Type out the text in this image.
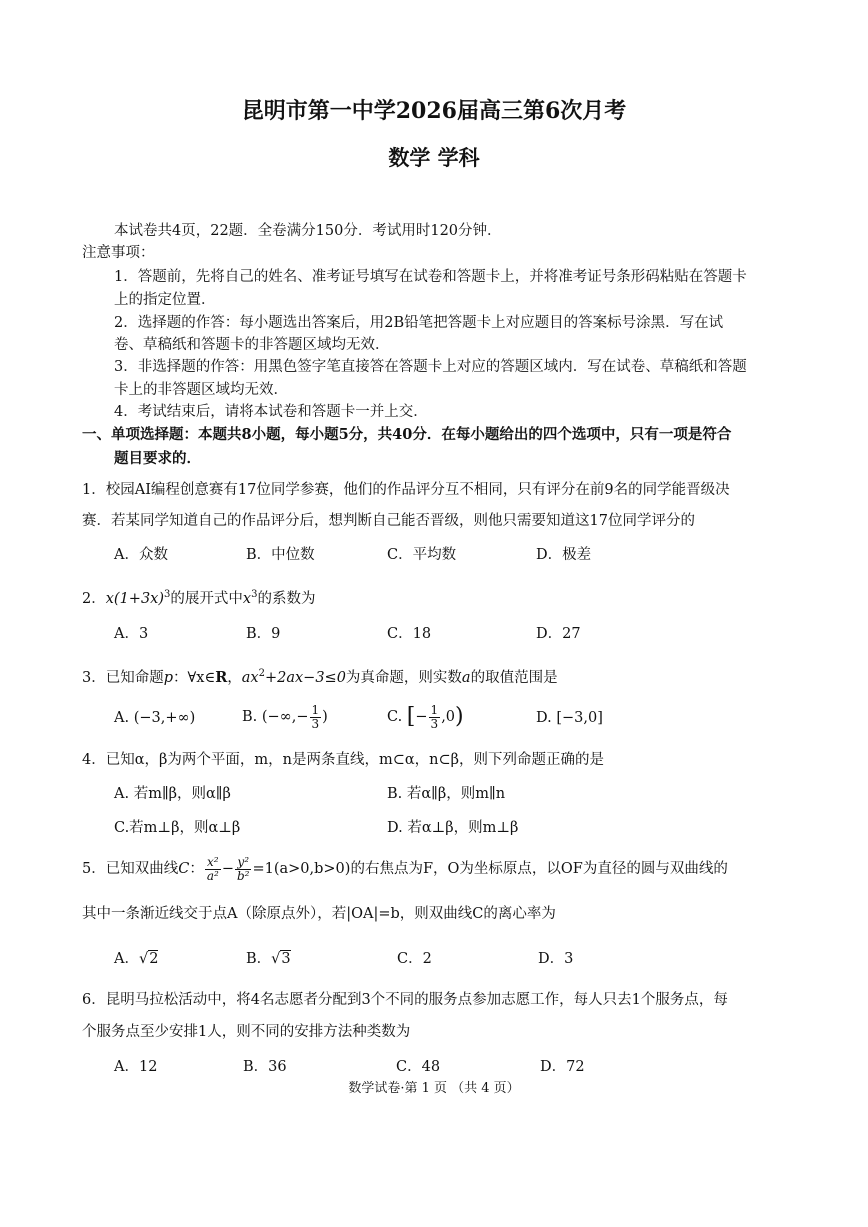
昆明市第一中学2026届高三第6次月考
数学 学科
本试卷共4页，22题．全卷满分150分．考试用时120分钟．
注意事项：
1．答题前，先将自己的姓名、准考证号填写在试卷和答题卡上，并将准考证号条形码粘贴在答题卡
上的指定位置．
2．选择题的作答：每小题选出答案后，用2B铅笔把答题卡上对应题目的答案标号涂黑．写在试
卷、草稿纸和答题卡的非答题区域均无效．
3．非选择题的作答：用黑色签字笔直接答在答题卡上对应的答题区域内．写在试卷、草稿纸和答题
卡上的非答题区域均无效．
4．考试结束后，请将本试卷和答题卡一并上交．
一、单项选择题：本题共8小题，每小题5分，共40分．在每小题给出的四个选项中，只有一项是符合
题目要求的．
1．校园AI编程创意赛有17位同学参赛，他们的作品评分互不相同，只有评分在前9名的同学能晋级决
赛．若某同学知道自己的作品评分后，想判断自己能否晋级，则他只需要知道这17位同学评分的
A．众数	B．中位数	C．平均数	D．极差
2．$x(1+3x)^3$的展开式中$x^3$的系数为
A．3	B．9	C．18	D．27
3．已知命题p：∀x∈R，$ax^2+2ax-3\le 0$为真命题，则实数a的取值范围是
A. (−3,+∞)	B. (−∞,− $\frac{1}{3}$ )	C. [− $\frac{1}{3} ,0$)	D. [−3,0]
4．已知α，β为两个平面，m，n是两条直线，m⊂α，n⊂β，则下列命题正确的是
A. 若m∥β，则α∥β	B. 若α∥β，则m∥n
C.若m⊥β，则α⊥β	D. 若α⊥β，则m⊥β
5．已知双曲线C： $\frac{\text{x²}}{\text{a²}} - \frac{\text{y²}}{\text{b²}} =1(a>0,b>0)$的右焦点为F，O为坐标原点，以OF为直径的圆与双曲线的
其中一条渐近线交于点A（除原点外），若|OA|=b，则双曲线C的离心率为
A．√2	B．√3	C．2	D．3
6．昆明马拉松活动中，将4名志愿者分配到3个不同的服务点参加志愿工作，每人只去1个服务点，每
个服务点至少安排1人，则不同的安排方法种类数为
A．12	B．36	C．48	D．72
数学试卷·第 1 页 （共 4 页）
